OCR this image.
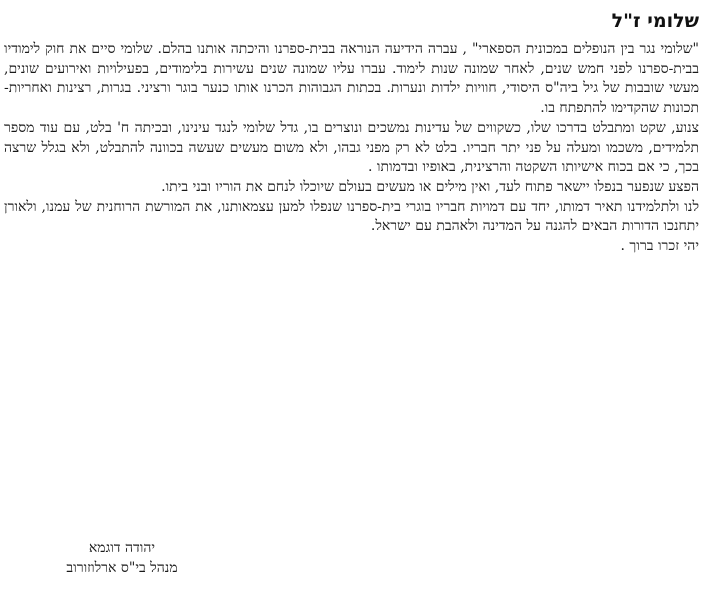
שלומי ז"ל

"שלומי נגר בין הנופלים במכונית הספארי" , עברה הידיעה הנוראה בבית-ספרנו והיכתה אותנו בהלם. שלומי סיים את חוק לימודיו בבית-ספרנו לפני חמש שנים, לאחר שמונה שנות לימוד. עברו עליו שמונה שנים עשירות בלימודים, בפעילויות ואירועים שונים, מעשי שובבות של גיל ביה"ס היסודי, חוויות ילדות ונערות. בכתות הגבוהות הכרנו אותו כנער בוגר ורציני. בגרות, רצינות ואחריות- תכונות שהקדימו להתפתח בו.

צנוע, שקט ומתבלט בדרכו שלו, כשקווים של עדינות נמשכים ונוצרים בו, גדל שלומי לנגד עינינו, ובכיתה ח' בלט, עם עוד מספר תלמידים, משכמו ומעלה על פני יתר חבריו. בלט לא רק מפני גבהו, ולא משום מעשים שעשה בכוונה להתבלט, ולא בגלל שרצה בכך, כי אם בכוח אישיותו השקטה והרצינית, באופיו ובדמותו .

הפצע שנפער בנפלו יישאר פתוח לעד, ואין מילים או מעשים בעולם שיוכלו לנחם את הוריו ובני ביתו.

לנו ולתלמידנו תאיר דמותו, יחד עם דמויות חבריו בוגרי בית-ספרנו שנפלו למען עצמאותנו, את המורשת הרוחנית של עמנו, ולאורן יתחנכו הדורות הבאים להגנה על המדינה ולאהבת עם ישראל.

יהי זכרו ברוך .

יהודה דוגמא
מנהל בי"ס ארלוזורוב
